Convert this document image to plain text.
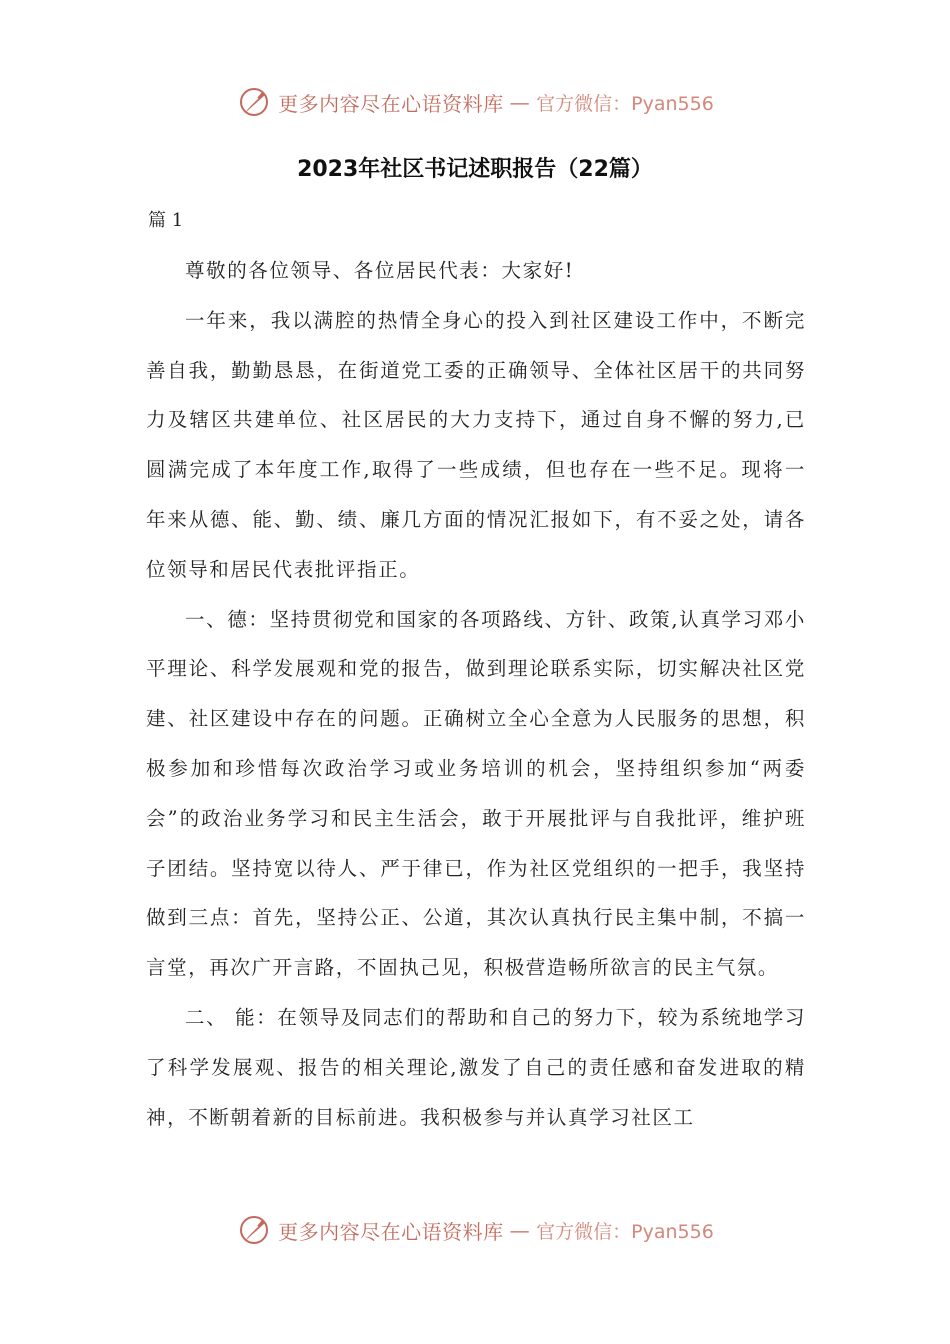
更多内容尽在心语资料库 — 官方微信：Pyan556
2023年社区书记述职报告（22篇）
篇 1

尊敬的各位领导、各位居民代表：大家好!

一年来，我以满腔的热情全身心的投入到社区建设工作中，不断完善自我，勤勤恳恳，在街道党工委的正确领导、全体社区居干的共同努力及辖区共建单位、社区居民的大力支持下，通过自身不懈的努力,已圆满完成了本年度工作,取得了一些成绩，但也存在一些不足。现将一年来从德、能、勤、绩、廉几方面的情况汇报如下，有不妥之处，请各位领导和居民代表批评指正。

一、德：坚持贯彻党和国家的各项路线、方针、政策,认真学习邓小平理论、科学发展观和党的报告，做到理论联系实际，切实解决社区党建、社区建设中存在的问题。正确树立全心全意为人民服务的思想，积极参加和珍惜每次政治学习或业务培训的机会，坚持组织参加“两委会”的政治业务学习和民主生活会，敢于开展批评与自我批评，维护班子团结。坚持宽以待人、严于律已，作为社区党组织的一把手，我坚持做到三点：首先，坚持公正、公道，其次认真执行民主集中制，不搞一言堂，再次广开言路，不固执己见，积极营造畅所欲言的民主气氛。

二、 能：在领导及同志们的帮助和自己的努力下，较为系统地学习了科学发展观、报告的相关理论,激发了自己的责任感和奋发进取的精神，不断朝着新的目标前进。我积极参与并认真学习社区工

更多内容尽在心语资料库 — 官方微信：Pyan556
